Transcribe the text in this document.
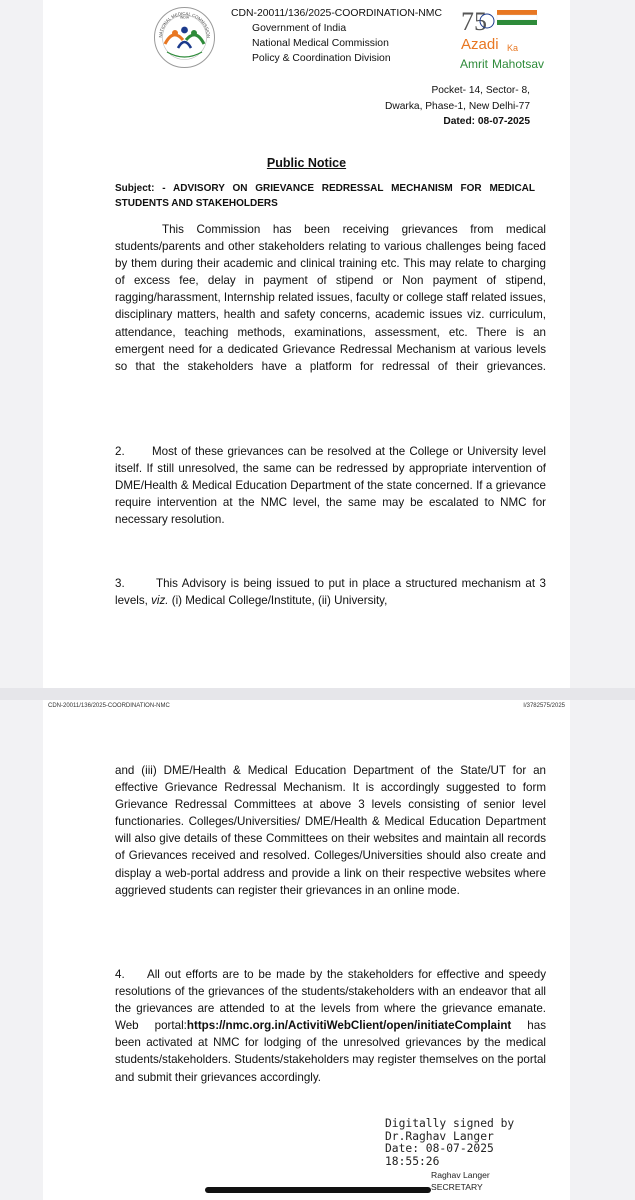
NATIONAL MEDICAL COMMISSION
INDIA	CDN-20011/136/2025-COORDINATION-NMC
Government of India
National Medical Commission
Policy & Coordination Division
75
Azadi Ka
Amrit Mahotsav
Pocket- 14, Sector- 8,
Dwarka, Phase-1, New Delhi-77
Dated: 08-07-2025
Public Notice
Subject: - ADVISORY ON GRIEVANCE REDRESSAL MECHANISM FOR MEDICAL STUDENTS AND STAKEHOLDERS
This Commission has been receiving grievances from medical students/parents and other stakeholders relating to various challenges being faced by them during their academic and clinical training etc. This may relate to charging of excess fee, delay in payment of stipend or Non payment of stipend, ragging/harassment, Internship related issues, faculty or college staff related issues, disciplinary matters, health and safety concerns, academic issues viz. curriculum, attendance, teaching methods, examinations, assessment, etc. There is an emergent need for a dedicated Grievance Redressal Mechanism at various levels so that the stakeholders have a platform for redressal of their grievances.
2. Most of these grievances can be resolved at the College or University level itself. If still unresolved, the same can be redressed by appropriate intervention of DME/Health & Medical Education Department of the state concerned. If a grievance require intervention at the NMC level, the same may be escalated to NMC for necessary resolution.
3.	This Advisory is being issued to put in place a structured mechanism at 3 levels, viz. (i) Medical College/Institute, (ii) University,
CDN-20011/136/2025-COORDINATION-NMC	I/3782575/2025
and (iii) DME/Health & Medical Education Department of the State/UT for an effective Grievance Redressal Mechanism. It is accordingly suggested to form Grievance Redressal Committees at above 3 levels consisting of senior level functionaries. Colleges/Universities/ DME/Health & Medical Education Department will also give details of these Committees on their websites and maintain all records of Grievances received and resolved. Colleges/Universities should also create and display a web-portal address and provide a link on their respective websites where aggrieved students can register their grievances in an online mode.
4. All out efforts are to be made by the stakeholders for effective and speedy resolutions of the grievances of the students/stakeholders with an endeavor that all the grievances are attended to at the levels from where the grievance emanate. Web portal:https://nmc.org.in/ActivitiWebClient/open/initiateComplaint has been activated at NMC for lodging of the unresolved grievances by the medical students/stakeholders. Students/stakeholders may register themselves on the portal and submit their grievances accordingly.
Digitally signed by
Dr.Raghav Langer
Date: 08-07-2025
18:55:26
Raghav Langer
SECRETARY
